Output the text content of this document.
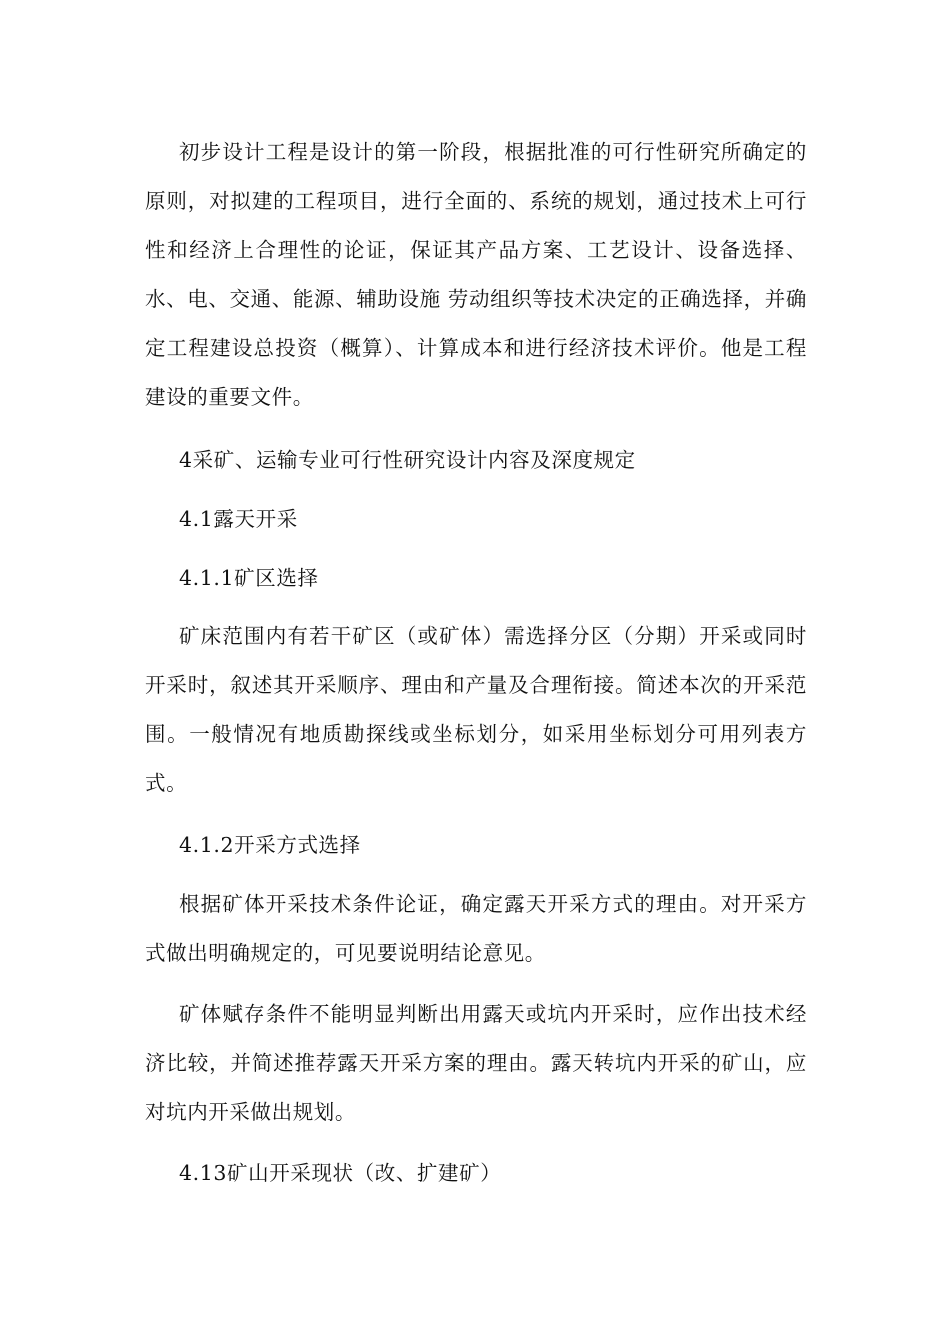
初步设计工程是设计的第一阶段，根据批准的可行性研究所确定的原则，对拟建的工程项目，进行全面的、系统的规划，通过技术上可行性和经济上合理性的论证，保证其产品方案、工艺设计、设备选择、水、电、交通、能源、辅助设施 劳动组织等技术决定的正确选择，并确定工程建设总投资（概算）、计算成本和进行经济技术评价。他是工程建设的重要文件。

4采矿、运输专业可行性研究设计内容及深度规定

4.1露天开采

4.1.1矿区选择

矿床范围内有若干矿区（或矿体）需选择分区（分期）开采或同时开采时，叙述其开采顺序、理由和产量及合理衔接。简述本次的开采范围。一般情况有地质勘探线或坐标划分，如采用坐标划分可用列表方式。

4.1.2开采方式选择

根据矿体开采技术条件论证，确定露天开采方式的理由。对开采方式做出明确规定的，可见要说明结论意见。

矿体赋存条件不能明显判断出用露天或坑内开采时，应作出技术经济比较，并简述推荐露天开采方案的理由。露天转坑内开采的矿山，应对坑内开采做出规划。

4.13矿山开采现状（改、扩建矿）
